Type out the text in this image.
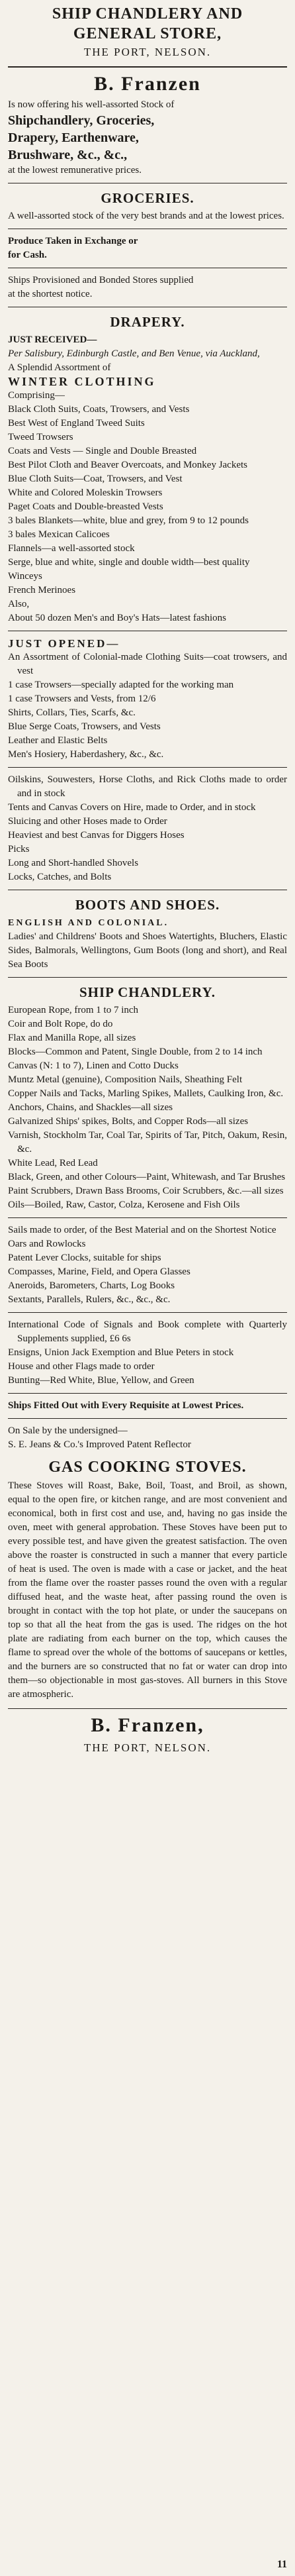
SHIP CHANDLERY AND
GENERAL STORE,
THE PORT, NELSON.
B. Franzen

Is now offering his well-assorted Stock of

Shipchandlery, Groceries,

Drapery, Earthenware,

Brushware, &c., &c.,

at the lowest remunerative prices.

GROCERIES.

A well-assorted stock of the very best brands and at the lowest prices.

Produce Taken in Exchange or

for Cash.

Ships Provisioned and Bonded Stores supplied

at the shortest notice.

DRAPERY.

JUST RECEIVED—

Per Salisbury, Edinburgh Castle, and Ben Venue, via Auckland,

A Splendid Assortment of

WINTER CLOTHING

Comprising—

Black Cloth Suits, Coats, Trowsers, and Vests

Best West of England Tweed Suits

Tweed Trowsers

Coats and Vests — Single and Double Breasted

Best Pilot Cloth and Beaver Overcoats, and Monkey Jackets

Blue Cloth Suits—Coat, Trowsers, and Vest

White and Colored Moleskin Trowsers

Paget Coats and Double-breasted Vests

3 bales Blankets—white, blue and grey, from 9 to 12 pounds

3 bales Mexican Calicoes

Flannels—a well-assorted stock

Serge, blue and white, single and double width—best quality

Winceys

French Merinoes

Also,

About 50 dozen Men's and Boy's Hats—latest fashions

JUST OPENED—

An Assortment of Colonial-made Clothing Suits—coat trowsers, and vest

1 case Trowsers—specially adapted for the working man

1 case Trowsers and Vests, from 12/6

Shirts, Collars, Ties, Scarfs, &c.

Blue Serge Coats, Trowsers, and Vests

Leather and Elastic Belts

Men's Hosiery, Haberdashery, &c., &c.

Oilskins, Souwesters, Horse Cloths, and Rick Cloths made to order and in stock

Tents and Canvas Covers on Hire, made to Order, and in stock

Sluicing and other Hoses made to Order

Heaviest and best Canvas for Diggers Hoses

Picks

Long and Short-handled Shovels

Locks, Catches, and Bolts

BOOTS AND SHOES.

ENGLISH AND COLONIAL.

Ladies' and Childrens' Boots and Shoes Watertights, Bluchers, Elastic Sides, Balmorals, Wellingtons, Gum Boots (long and short), and Real Sea Boots

SHIP CHANDLERY.

European Rope, from 1 to 7 inch

Coir and Bolt Rope, do do

Flax and Manilla Rope, all sizes

Blocks—Common and Patent, Single Double, from 2 to 14 inch

Canvas (N: 1 to 7), Linen and Cotto Ducks

Muntz Metal (genuine), Composition Nails, Sheathing Felt

Copper Nails and Tacks, Marling Spikes, Mallets, Caulking Iron, &c.

Anchors, Chains, and Shackles—all sizes

Galvanized Ships' spikes, Bolts, and Copper Rods—all sizes

Varnish, Stockholm Tar, Coal Tar, Spirits of Tar, Pitch, Oakum, Resin, &c.

White Lead, Red Lead

Black, Green, and other Colours—Paint, Whitewash, and Tar Brushes

Paint Scrubbers, Drawn Bass Brooms, Coir Scrubbers, &c.—all sizes

Oils—Boiled, Raw, Castor, Colza, Kerosene and Fish Oils

Sails made to order, of the Best Material and on the Shortest Notice

Oars and Rowlocks

Patent Lever Clocks, suitable for ships

Compasses, Marine, Field, and Opera Glasses

Aneroids, Barometers, Charts, Log Books

Sextants, Parallels, Rulers, &c., &c., &c.

International Code of Signals and Book complete with Quarterly Supplements supplied, £6 6s

Ensigns, Union Jack Exemption and Blue Peters in stock

House and other Flags made to order

Bunting—Red White, Blue, Yellow, and Green

Ships Fitted Out with Every Requisite at Lowest Prices.

On Sale by the undersigned—

S. E. Jeans & Co.'s Improved Patent Reflector

GAS COOKING STOVES.

These Stoves will Roast, Bake, Boil, Toast, and Broil, as shown, equal to the open fire, or kitchen range, and are most convenient and economical, both in first cost and use, and, having no gas inside the oven, meet with general approbation. These Stoves have been put to every possible test, and have given the greatest satisfaction. The oven above the roaster is constructed in such a manner that every particle of heat is used. The oven is made with a case or jacket, and the heat from the flame over the roaster passes round the oven with a regular diffused heat, and the waste heat, after passing round the oven is brought in contact with the top hot plate, or under the saucepans on top so that all the heat from the gas is used. The ridges on the hot plate are radiating from each burner on the top, which causes the flame to spread over the whole of the bottoms of saucepans or kettles, and the burners are so constructed that no fat or water can drop into them—so objectionable in most gas-stoves. All burners in this Stove are atmospheric.

B. Franzen,
THE PORT, NELSON.
11
